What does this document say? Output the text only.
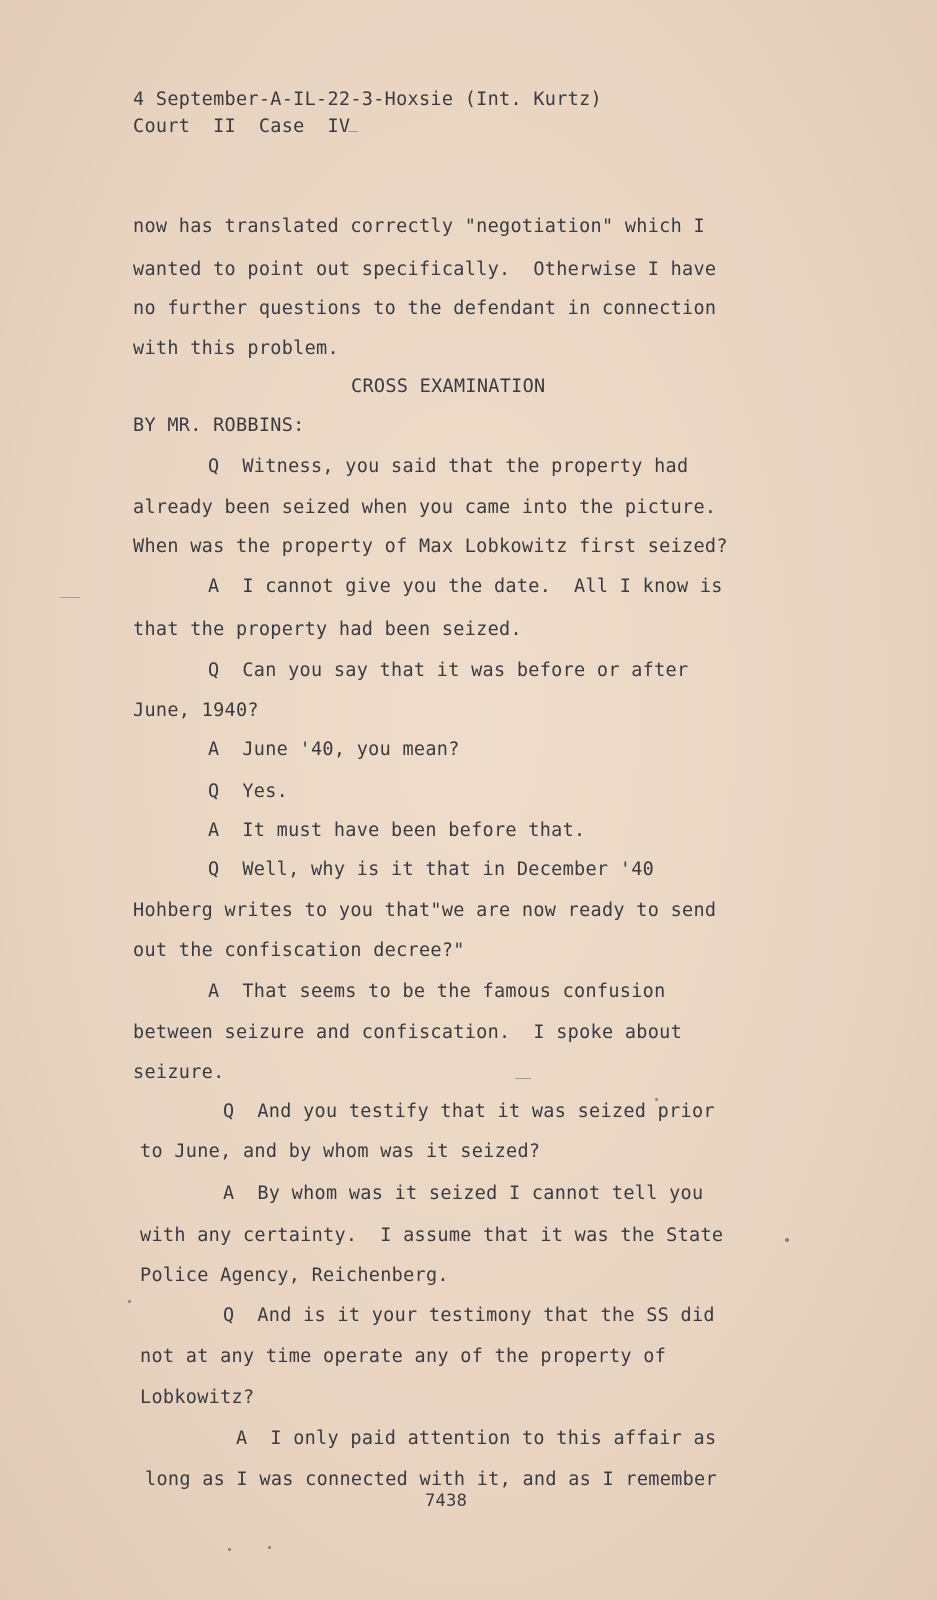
4 September-A-IL-22-3-Hoxsie (Int. Kurtz)
Court  II  Case  IV
now has translated correctly "negotiation" which I
wanted to point out specifically.  Otherwise I have
no further questions to the defendant in connection
with this problem.
CROSS EXAMINATION
BY MR. ROBBINS:
Q  Witness, you said that the property had
already been seized when you came into the picture.
When was the property of Max Lobkowitz first seized?
A  I cannot give you the date.  All I know is
that the property had been seized.
Q  Can you say that it was before or after
June, 1940?
A  June '40, you mean?
Q  Yes.
A  It must have been before that.
Q  Well, why is it that in December '40
Hohberg writes to you that"we are now ready to send
out the confiscation decree?"
A  That seems to be the famous confusion
between seizure and confiscation.  I spoke about
seizure.
Q  And you testify that it was seized prior
to June, and by whom was it seized?
A  By whom was it seized I cannot tell you
with any certainty.  I assume that it was the State
Police Agency, Reichenberg.
Q  And is it your testimony that the SS did
not at any time operate any of the property of
Lobkowitz?
A  I only paid attention to this affair as
long as I was connected with it, and as I remember
7438
